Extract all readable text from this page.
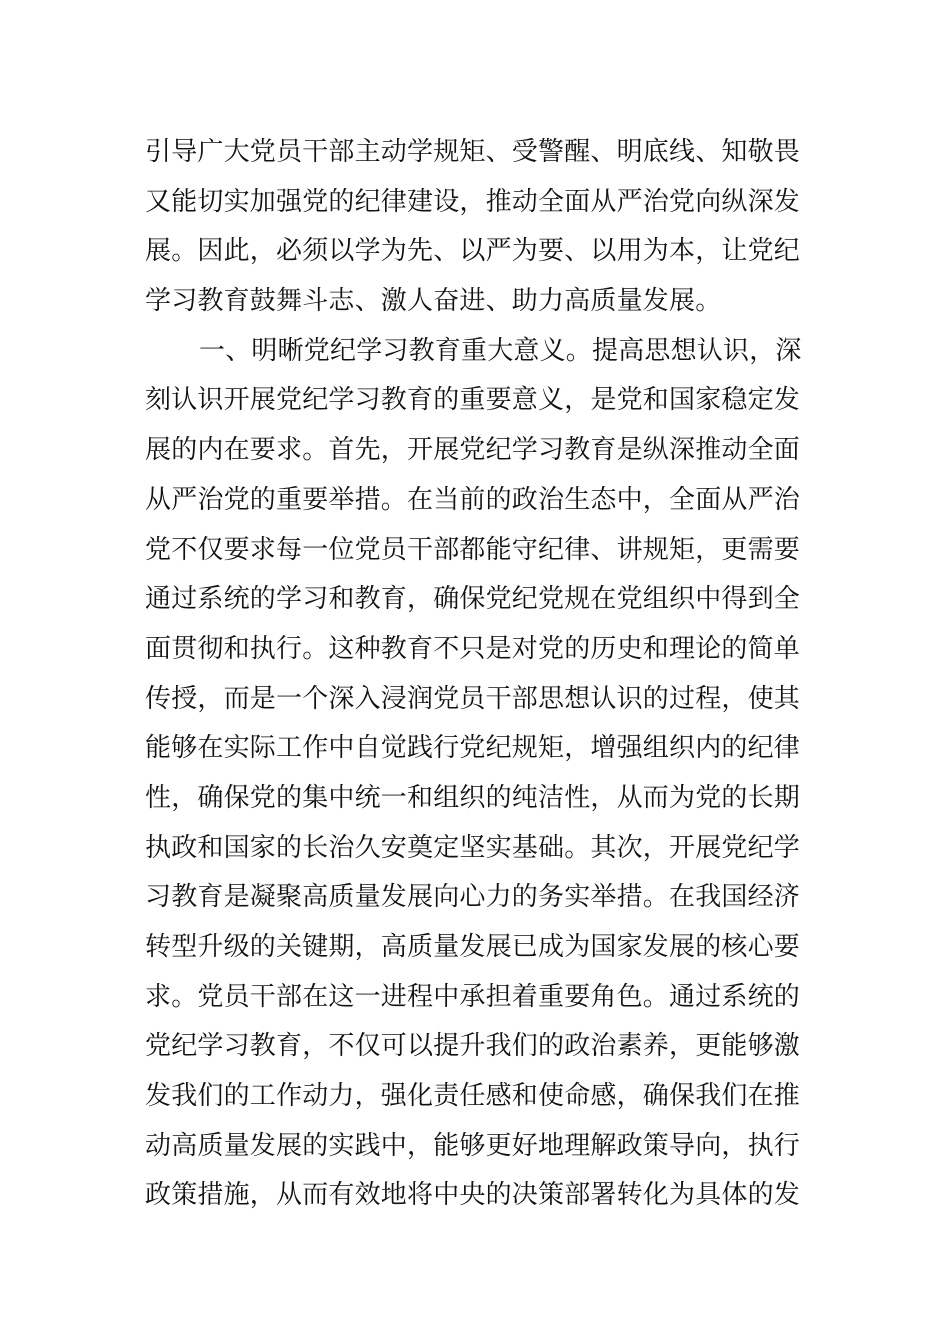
引导广大党员干部主动学规矩、受警醒、明底线、知敬畏
又能切实加强党的纪律建设，推动全面从严治党向纵深发
展。因此，必须以学为先、以严为要、以用为本，让党纪
学习教育鼓舞斗志、激人奋进、助力高质量发展。
一、明晰党纪学习教育重大意义。提高思想认识，深
刻认识开展党纪学习教育的重要意义，是党和国家稳定发
展的内在要求。首先，开展党纪学习教育是纵深推动全面
从严治党的重要举措。在当前的政治生态中，全面从严治
党不仅要求每一位党员干部都能守纪律、讲规矩，更需要
通过系统的学习和教育，确保党纪党规在党组织中得到全
面贯彻和执行。这种教育不只是对党的历史和理论的简单
传授，而是一个深入浸润党员干部思想认识的过程，使其
能够在实际工作中自觉践行党纪规矩，增强组织内的纪律
性，确保党的集中统一和组织的纯洁性，从而为党的长期
执政和国家的长治久安奠定坚实基础。其次，开展党纪学
习教育是凝聚高质量发展向心力的务实举措。在我国经济
转型升级的关键期，高质量发展已成为国家发展的核心要
求。党员干部在这一进程中承担着重要角色。通过系统的
党纪学习教育，不仅可以提升我们的政治素养，更能够激
发我们的工作动力，强化责任感和使命感，确保我们在推
动高质量发展的实践中，能够更好地理解政策导向，执行
政策措施，从而有效地将中央的决策部署转化为具体的发
